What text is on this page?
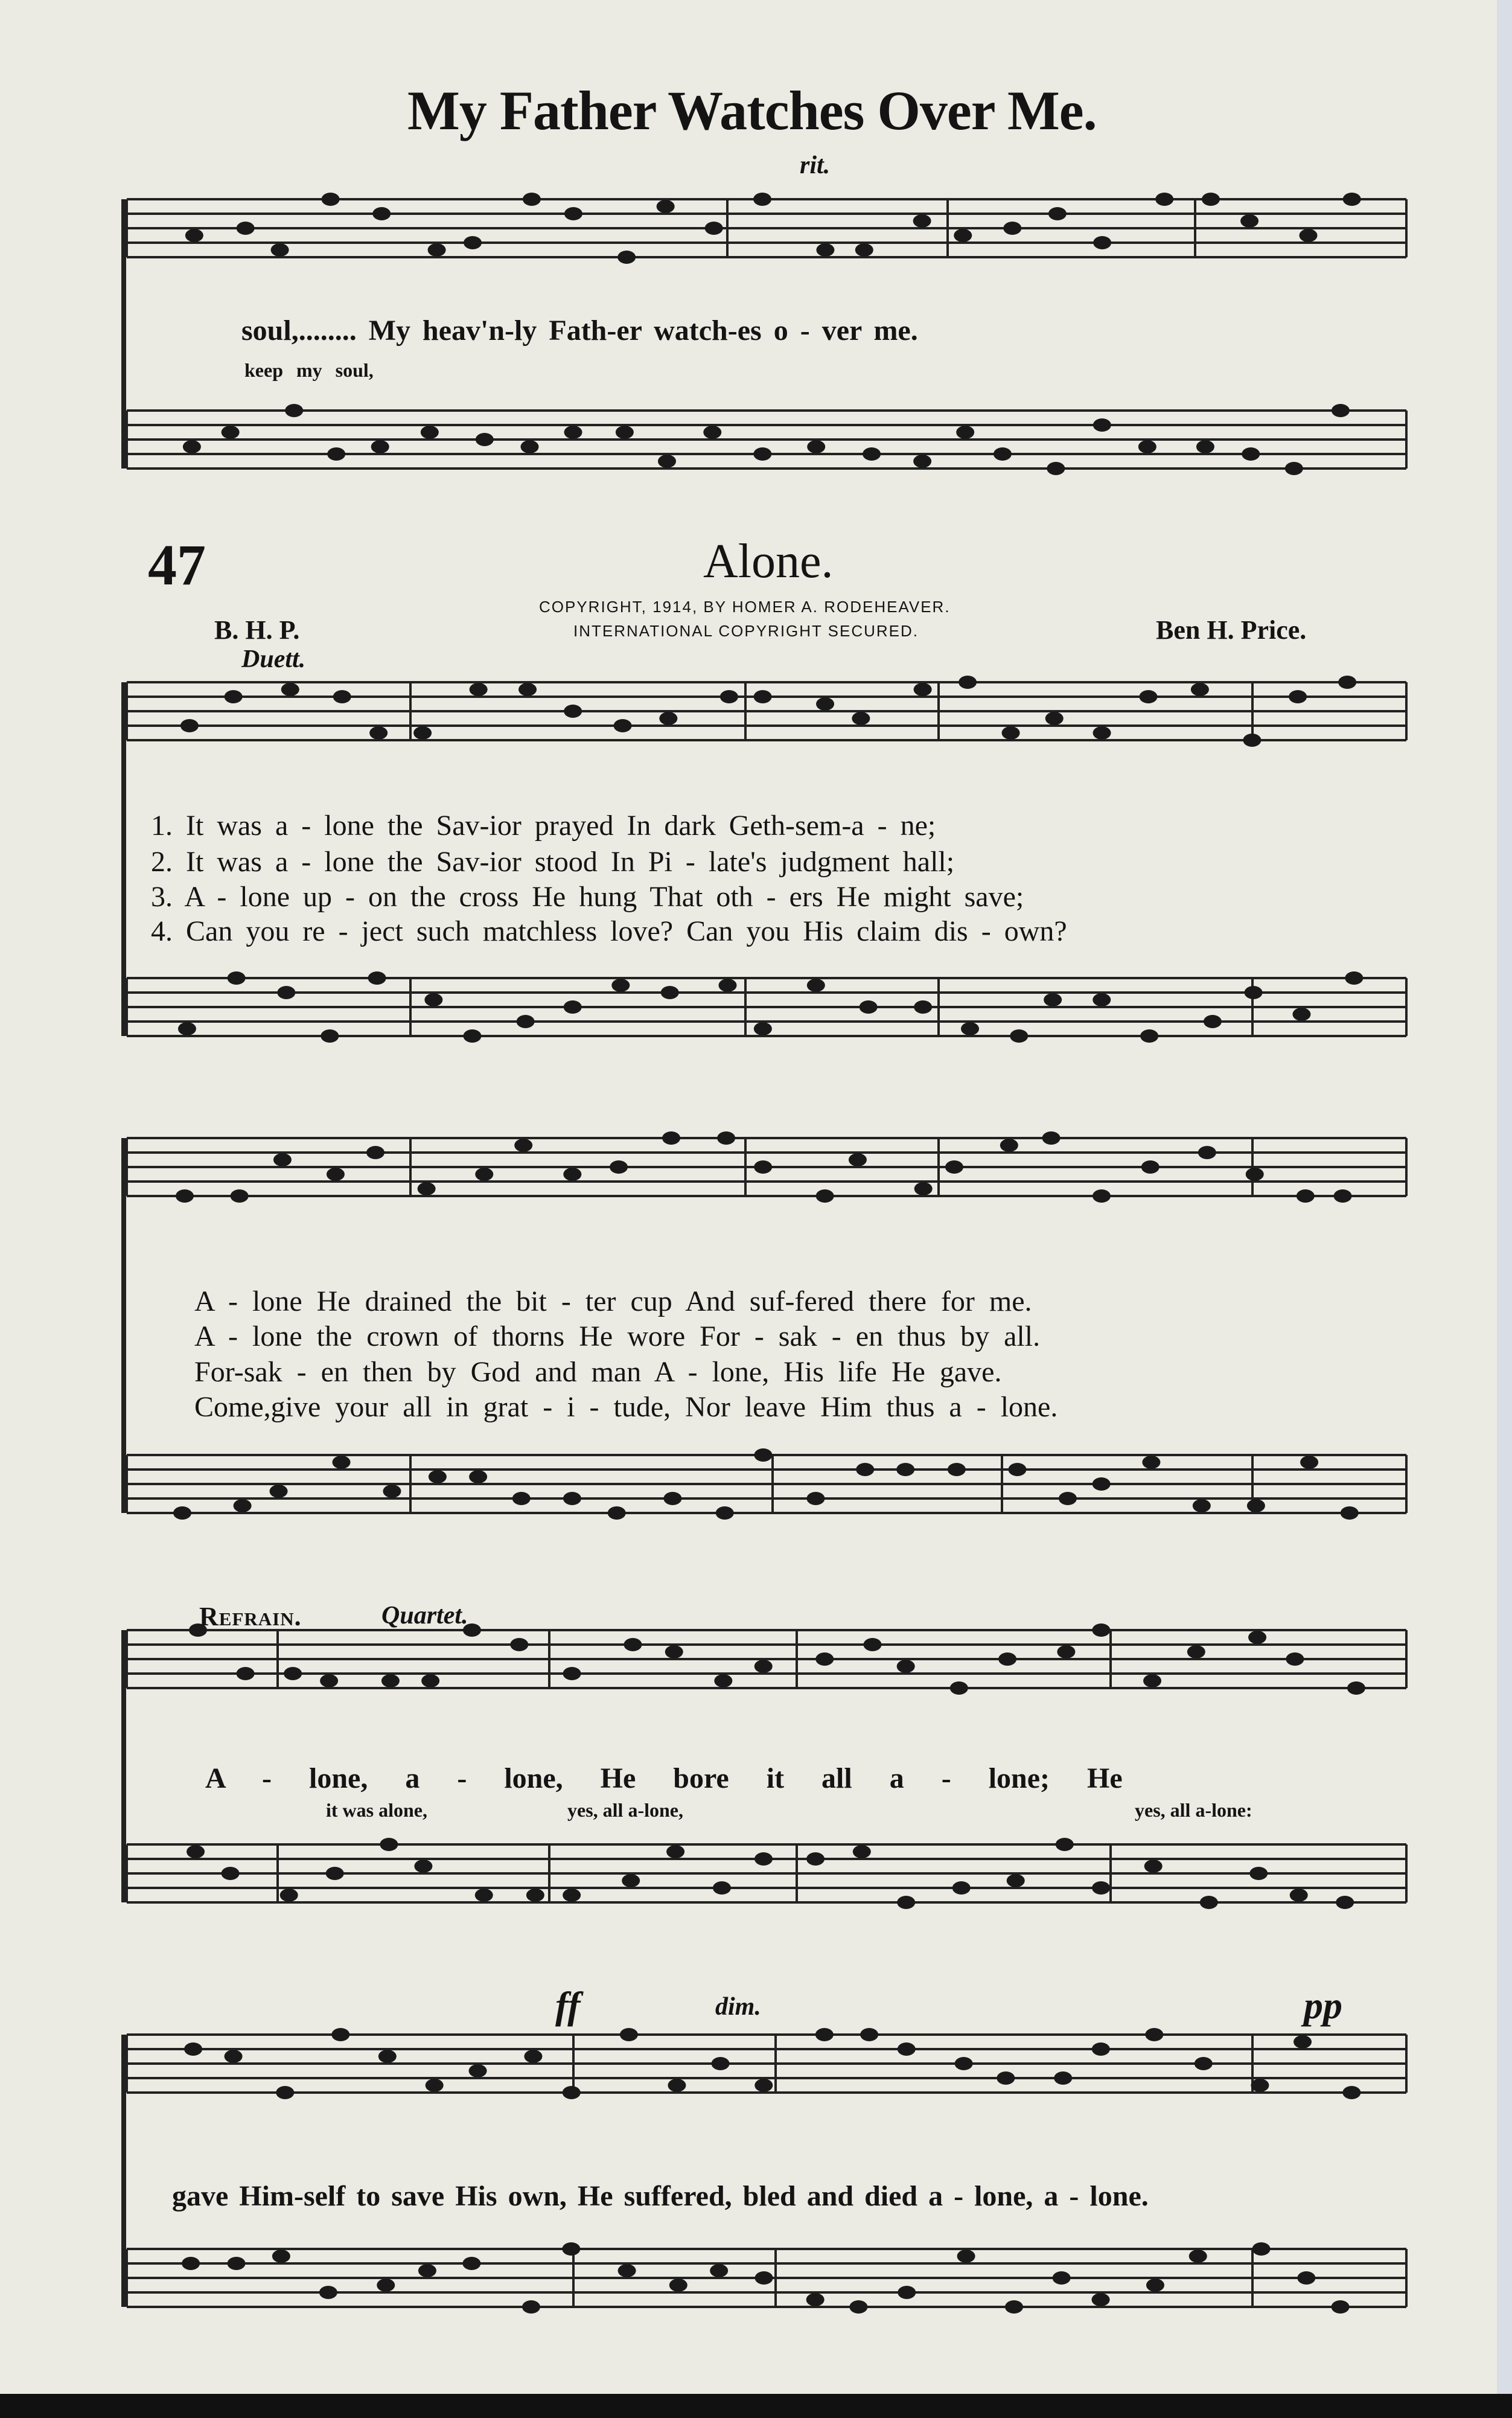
My Father Watches Over Me.
rit.
soul,........ My heav'n-ly Fath-er watch-es o - ver me.
keep my soul,
47	Alone.
COPYRIGHT, 1914, BY HOMER A. RODEHEAVER.
INTERNATIONAL COPYRIGHT SECURED.
B. H. P.	Ben H. Price.
Duett.
1. It was a - lone the Sav-ior prayed In dark Geth-sem-a - ne;
2. It was a - lone the Sav-ior stood In Pi - late's judgment hall;
3. A - lone up - on the cross He hung That oth - ers He might save;
4. Can you re - ject such matchless love? Can you His claim dis - own?
A - lone He drained the bit - ter cup And suf-fered there for me.
A - lone the crown of thorns He wore For - sak - en thus by all.
For-sak - en then by God and man A - lone, His life He gave.
Come,give your all in grat - i - tude, Nor leave Him thus a - lone.
Refrain.	Quartet.
A - lone, a - lone, He bore it all a - lone; He
it was alone,	yes, all a-lone,	yes, all a-lone:
ff	dim.	pp
gave Him-self to save His own, He suffered, bled and died a - lone, a - lone.
